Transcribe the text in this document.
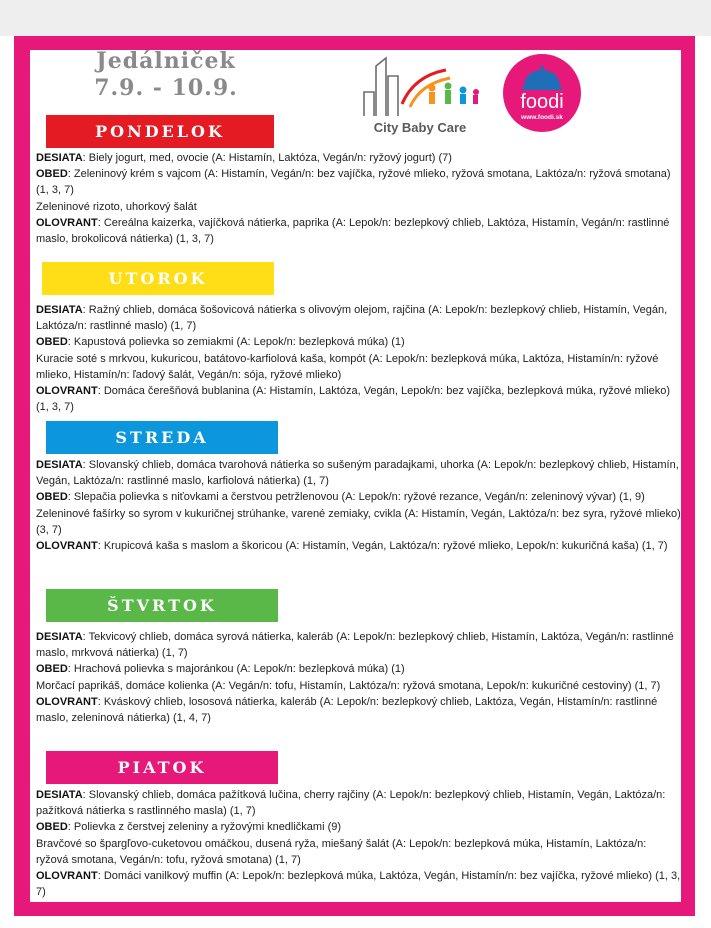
Jedálniček
7.9. - 10.9.
City Baby Care
foodi
www.foodi.sk
PONDELOK

DESIATA: Biely jogurt, med, ovocie (A: Histamín, Laktóza, Vegán/n: ryžový jogurt) (7)

OBED: Zeleninový krém s vajcom (A: Histamín, Vegán/n: bez vajíčka, ryžové mlieko, ryžová smotana, Laktóza/n: ryžová smotana) (1, 3, 7)

Zeleninové rizoto, uhorkový šalát

OLOVRANT: Cereálna kaizerka, vajíčková nátierka, paprika (A: Lepok/n: bezlepkový chlieb, Laktóza, Histamín, Vegán/n: rastlinné maslo, brokolicová nátierka) (1, 3, 7)

UTOROK

DESIATA: Ražný chlieb, domáca šošovicová nátierka s olivovým olejom, rajčina (A: Lepok/n: bezlepkový chlieb, Histamín, Vegán, Laktóza/n: rastlinné maslo) (1, 7)

OBED: Kapustová polievka so zemiakmi (A: Lepok/n: bezlepková múka) (1)

Kuracie soté s mrkvou, kukuricou, batátovo-karfiolová kaša, kompót (A: Lepok/n: bezlepková múka, Laktóza, Histamín/n: ryžové mlieko, Histamín/n: ľadový šalát, Vegán/n: sója, ryžové mlieko)

OLOVRANT: Domáca čerešňová bublanina (A: Histamín, Laktóza, Vegán, Lepok/n: bez vajíčka, bezlepková múka, ryžové mlieko) (1, 3, 7)

STREDA

DESIATA: Slovanský chlieb, domáca tvarohová nátierka so sušeným paradajkami, uhorka (A: Lepok/n: bezlepkový chlieb, Histamín, Vegán, Laktóza/n: rastlinné maslo, karfiolová nátierka) (1, 7)

OBED: Slepačia polievka s niťovkami a čerstvou petržlenovou (A: Lepok/n: ryžové rezance, Vegán/n: zeleninový vývar) (1, 9)

Zeleninové fašírky so syrom v kukuričnej strúhanke, varené zemiaky, cvikla (A: Histamín, Vegán, Laktóza/n: bez syra, ryžové mlieko) (3, 7)

OLOVRANT: Krupicová kaša s maslom a škoricou (A: Histamín, Vegán, Laktóza/n: ryžové mlieko, Lepok/n: kukuričná kaša) (1, 7)

ŠTVRTOK

DESIATA: Tekvicový chlieb, domáca syrová nátierka, kaleráb (A: Lepok/n: bezlepkový chlieb, Histamín, Laktóza, Vegán/n: rastlinné maslo, mrkvová nátierka) (1, 7)

OBED: Hrachová polievka s majoránkou (A: Lepok/n: bezlepková múka) (1)

Morčací paprikáš, domáce kolienka (A: Vegán/n: tofu, Histamín, Laktóza/n: ryžová smotana, Lepok/n: kukuričné cestoviny) (1, 7)

OLOVRANT: Kváskový chlieb, lososová nátierka, kaleráb (A: Lepok/n: bezlepkový chlieb, Laktóza, Vegán, Histamín/n: rastlinné maslo, zeleninová nátierka) (1, 4, 7)

PIATOK

DESIATA: Slovanský chlieb, domáca pažítková lučina, cherry rajčiny (A: Lepok/n: bezlepkový chlieb, Histamín, Vegán, Laktóza/n: pažítková nátierka s rastlinného masla) (1, 7)

OBED: Polievka z čerstvej zeleniny a ryžovými knedličkami (9)

Bravčové so špargľovo-cuketovou omáčkou, dusená ryža, miešaný šalát (A: Lepok/n: bezlepková múka, Histamín, Laktóza/n: ryžová smotana, Vegán/n: tofu, ryžová smotana) (1, 7)

OLOVRANT: Domáci vanilkový muffin (A: Lepok/n: bezlepková múka, Laktóza, Vegán, Histamín/n: bez vajíčka, ryžové mlieko) (1, 3, 7)
